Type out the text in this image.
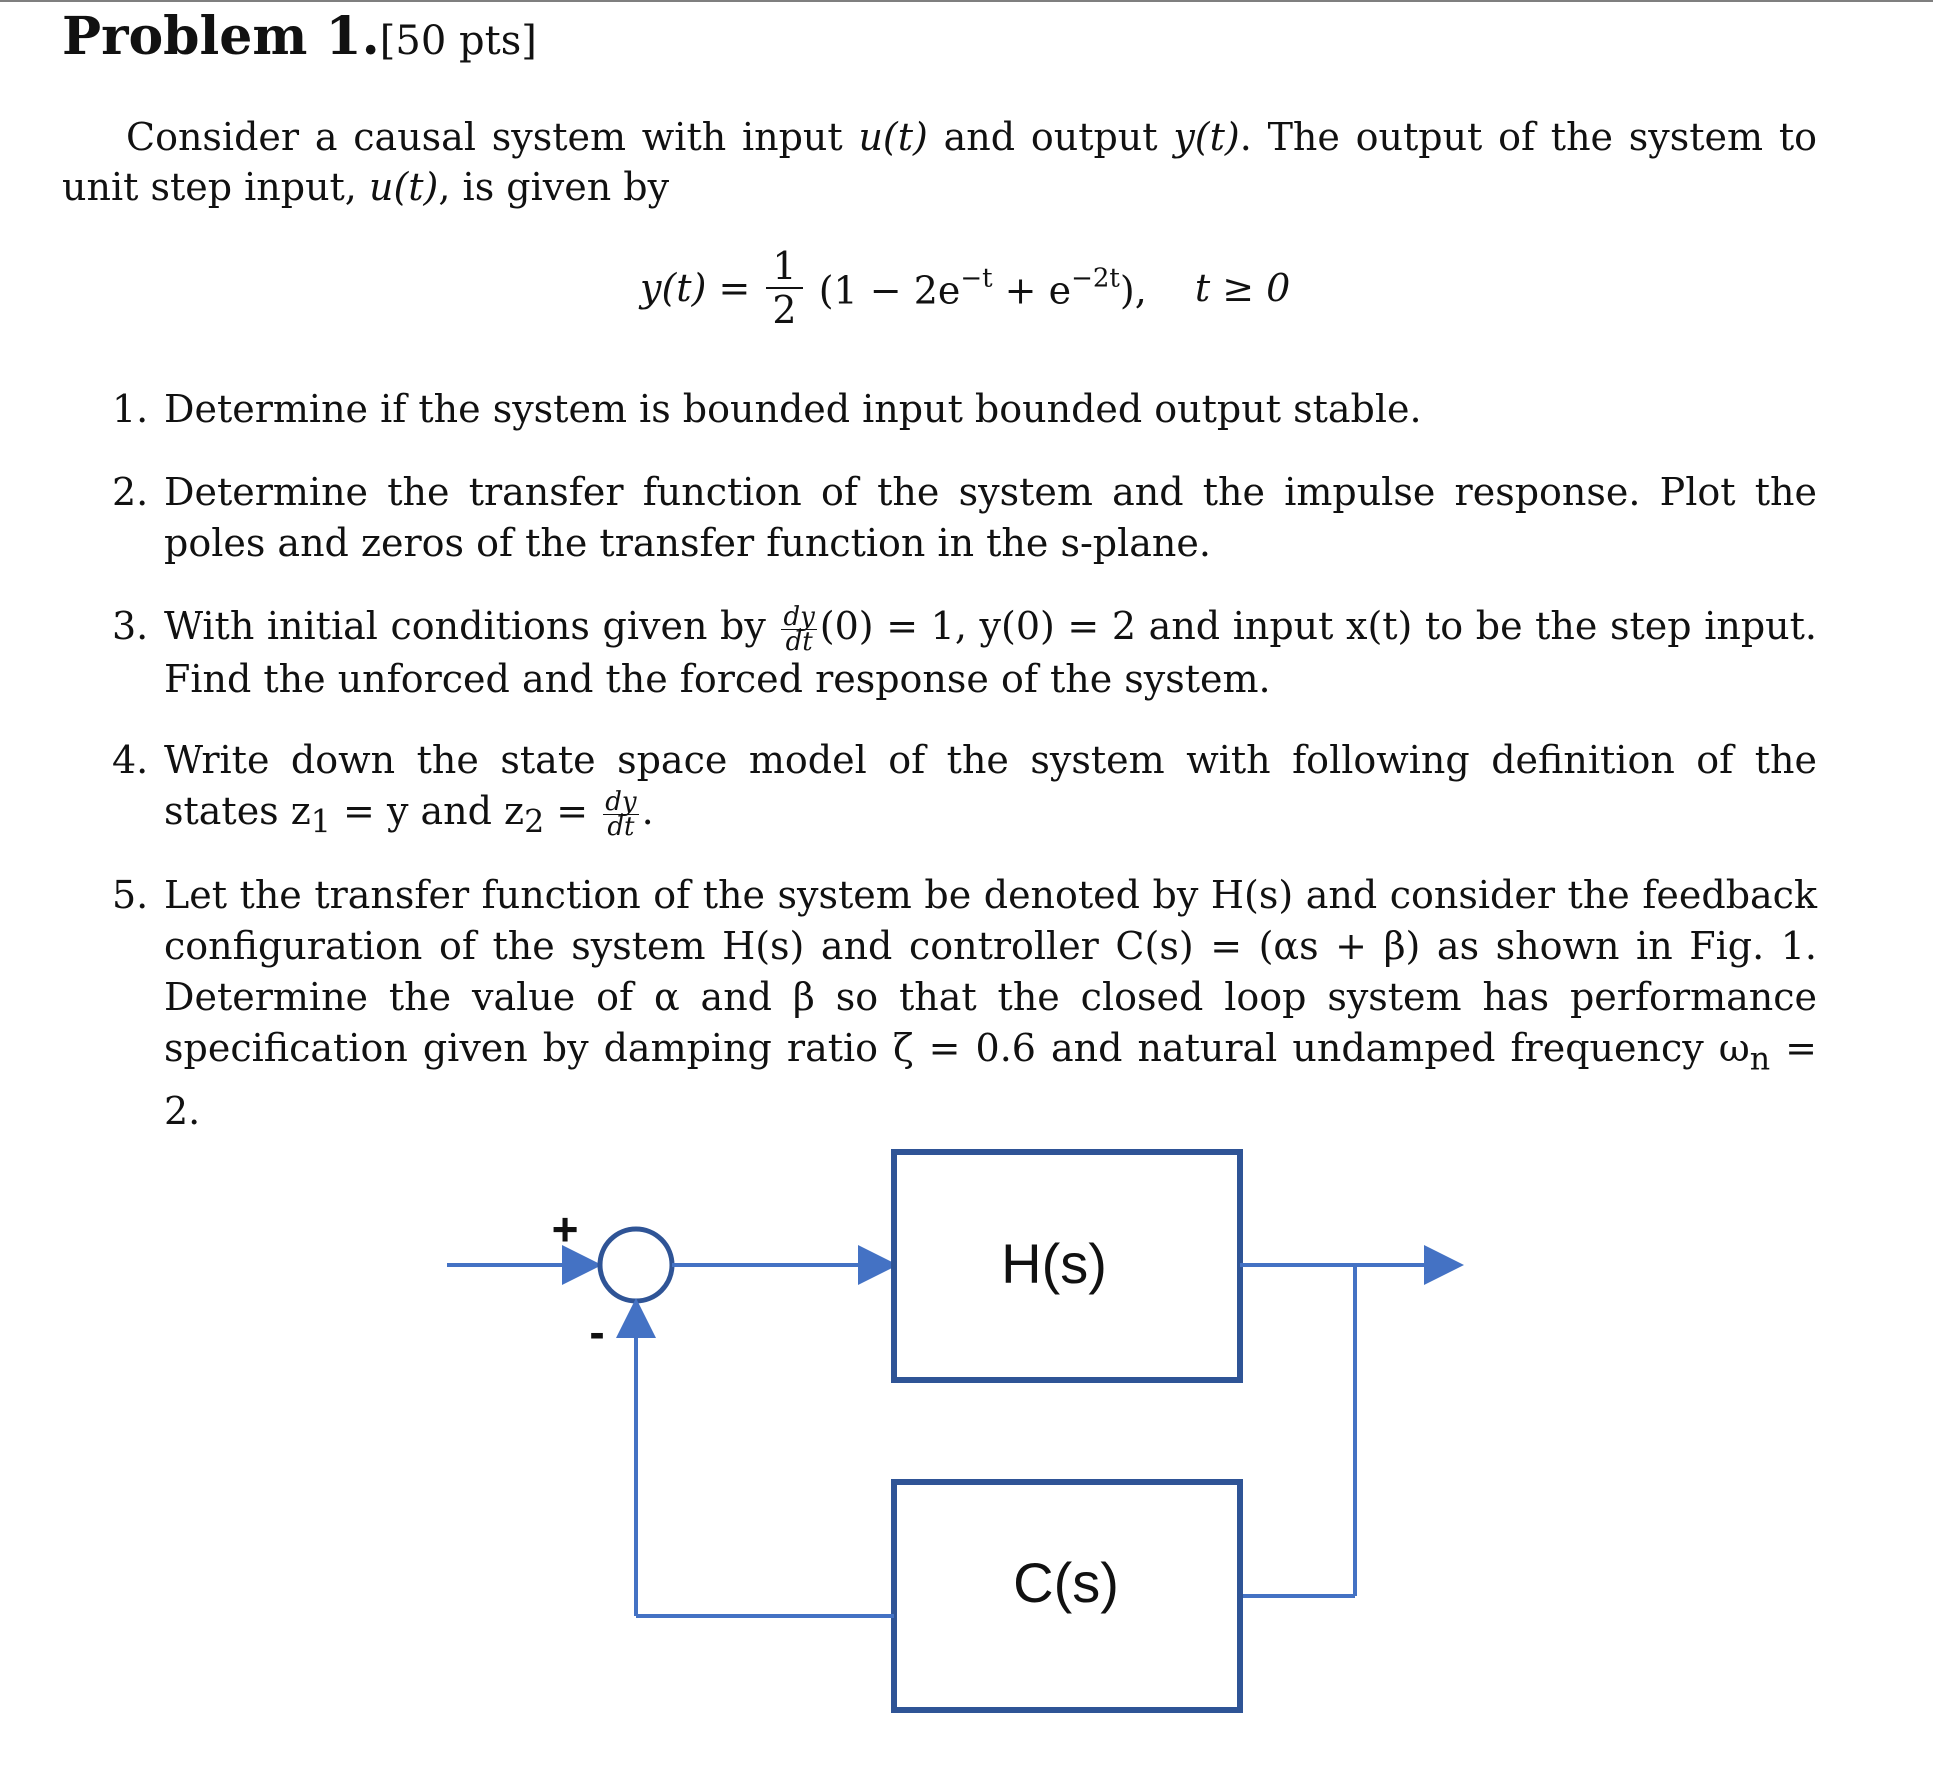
Problem 1.[50 pts]
Consider a causal system with input u(t) and output y(t). The output of the system to unit step input, u(t), is given by
$y(t) = \frac{1}{2} (1 - 2e^{-t} + e^{-2t})$, t ≥ 0
1. Determine if the system is bounded input bounded output stable.
2. Determine the transfer function of the system and the impulse response. Plot the poles and zeros of the transfer function in the s-plane.
3. With initial conditions given by $\frac{dy}{dt} (0) = 1$, y(0) = 2 and input x(t) to be the step input. Find the unforced and the forced response of the system.
4. Write down the state space model of the system with following definition of the states $z_1 = y$ and $z_2 = \frac{dy}{dt}$ .
5. Let the transfer function of the system be denoted by H(s) and consider the feedback configuration of the system H(s) and controller C(s) = (αs + β) as shown in Fig. 1. Determine the value of α and β so that the closed loop system has performance specification given by damping ratio ζ = 0.6 and natural undamped frequency $\omega_n = 2$.
H(s)
C(s)
+
-
